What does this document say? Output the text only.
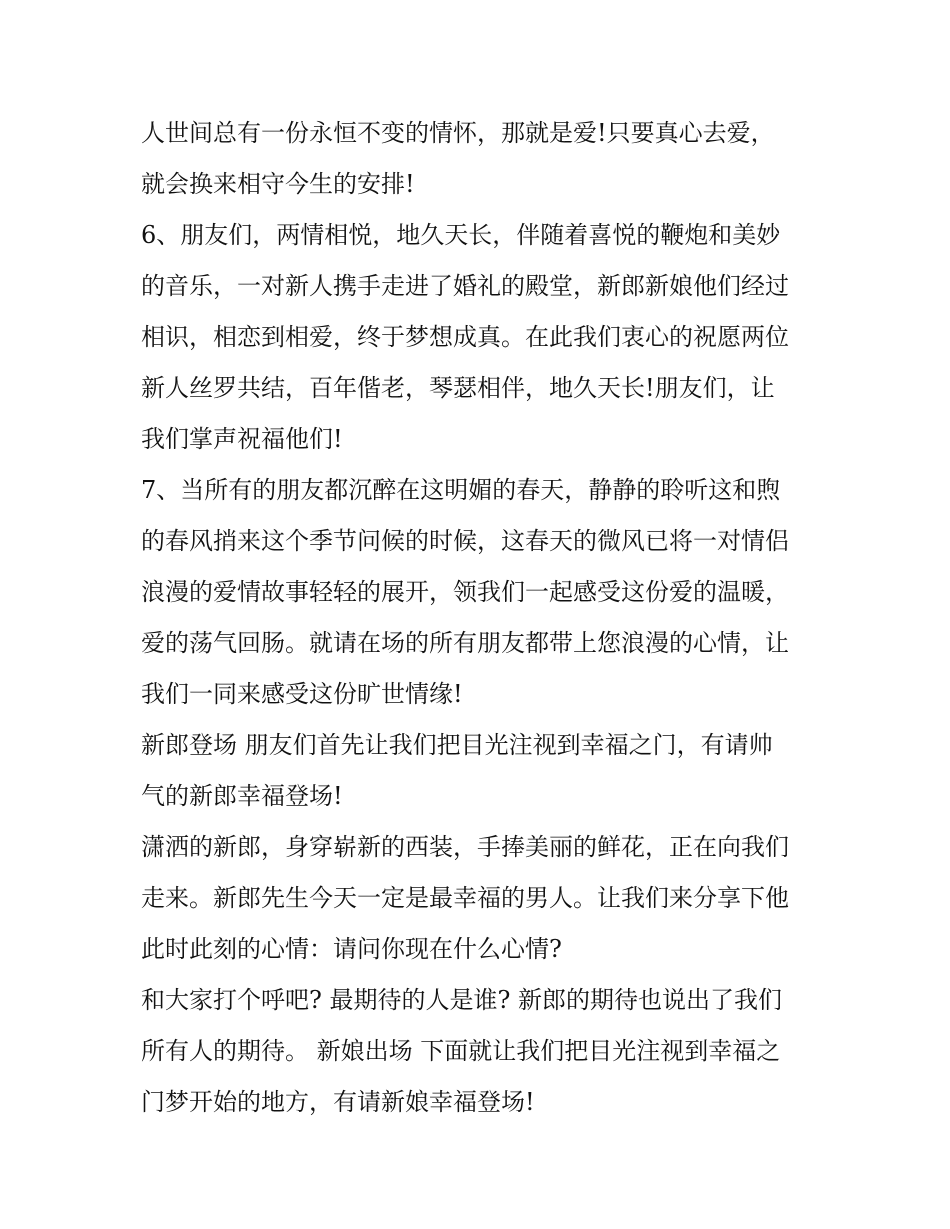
人世间总有一份永恒不变的情怀，那就是爱!只要真心去爱，
就会换来相守今生的安排!
6、朋友们，两情相悦，地久天长，伴随着喜悦的鞭炮和美妙
的音乐，一对新人携手走进了婚礼的殿堂，新郎新娘他们经过
相识，相恋到相爱，终于梦想成真。在此我们衷心的祝愿两位
新人丝罗共结，百年偕老，琴瑟相伴，地久天长!朋友们，让
我们掌声祝福他们!
7、当所有的朋友都沉醉在这明媚的春天，静静的聆听这和煦
的春风捎来这个季节问候的时候，这春天的微风已将一对情侣
浪漫的爱情故事轻轻的展开，领我们一起感受这份爱的温暖，
爱的荡气回肠。就请在场的所有朋友都带上您浪漫的心情，让
我们一同来感受这份旷世情缘!
新郎登场 朋友们首先让我们把目光注视到幸福之门，有请帅
气的新郎幸福登场!
潇洒的新郎，身穿崭新的西装，手捧美丽的鲜花，正在向我们
走来。新郎先生今天一定是最幸福的男人。让我们来分享下他
此时此刻的心情：请问你现在什么心情?
和大家打个呼吧? 最期待的人是谁? 新郎的期待也说出了我们
所有人的期待。 新娘出场 下面就让我们把目光注视到幸福之
门梦开始的地方，有请新娘幸福登场!
